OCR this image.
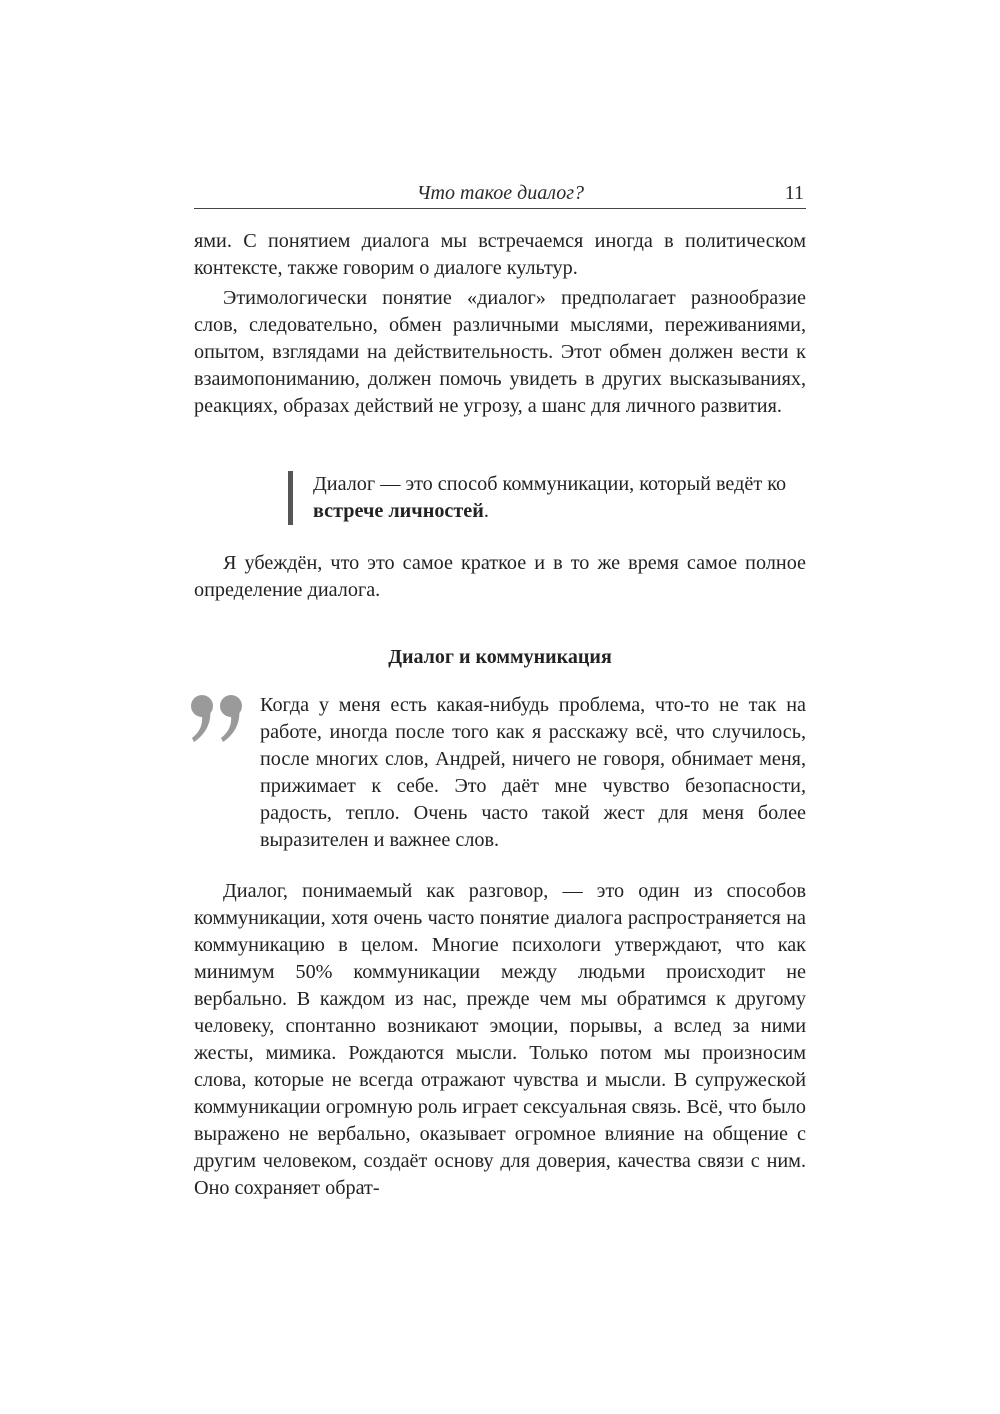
Что такое диалог?	11

ями. С понятием диалога мы встречаемся иногда в политическом контексте, также говорим о диалоге культур.

Этимологически понятие «диалог» предполагает разнообразие слов, следовательно, обмен различными мыслями, переживаниями, опытом, взглядами на действительность. Этот обмен должен вести к взаимопониманию, должен помочь увидеть в других высказываниях, реакциях, образах действий не угрозу, а шанс для личного развития.

Диалог — это способ коммуникации, который ведёт ко встрече личностей.

Я убеждён, что это самое краткое и в то же время самое полное определение диалога.

Диалог и коммуникация

Когда у меня есть какая-нибудь проблема, что-то не так на работе, иногда после того как я расскажу всё, что случилось, после многих слов, Андрей, ничего не говоря, обнимает меня, прижимает к себе. Это даёт мне чувство безопасности, радость, тепло. Очень часто такой жест для меня более выразителен и важнее слов.

Диалог, понимаемый как разговор, — это один из способов коммуникации, хотя очень часто понятие диалога распространяется на коммуникацию в целом. Многие психологи утверждают, что как минимум 50% коммуникации между людьми происходит не вербально. В каждом из нас, прежде чем мы обратимся к другому человеку, спонтанно возникают эмоции, порывы, а вслед за ними жесты, мимика. Рождаются мысли. Только потом мы произносим слова, которые не всегда отражают чувства и мысли. В супружеской коммуникации огромную роль играет сексуальная связь. Всё, что было выражено не вербально, оказывает огромное влияние на общение с другим человеком, создаёт основу для доверия, качества связи с ним. Оно сохраняет обрат-
